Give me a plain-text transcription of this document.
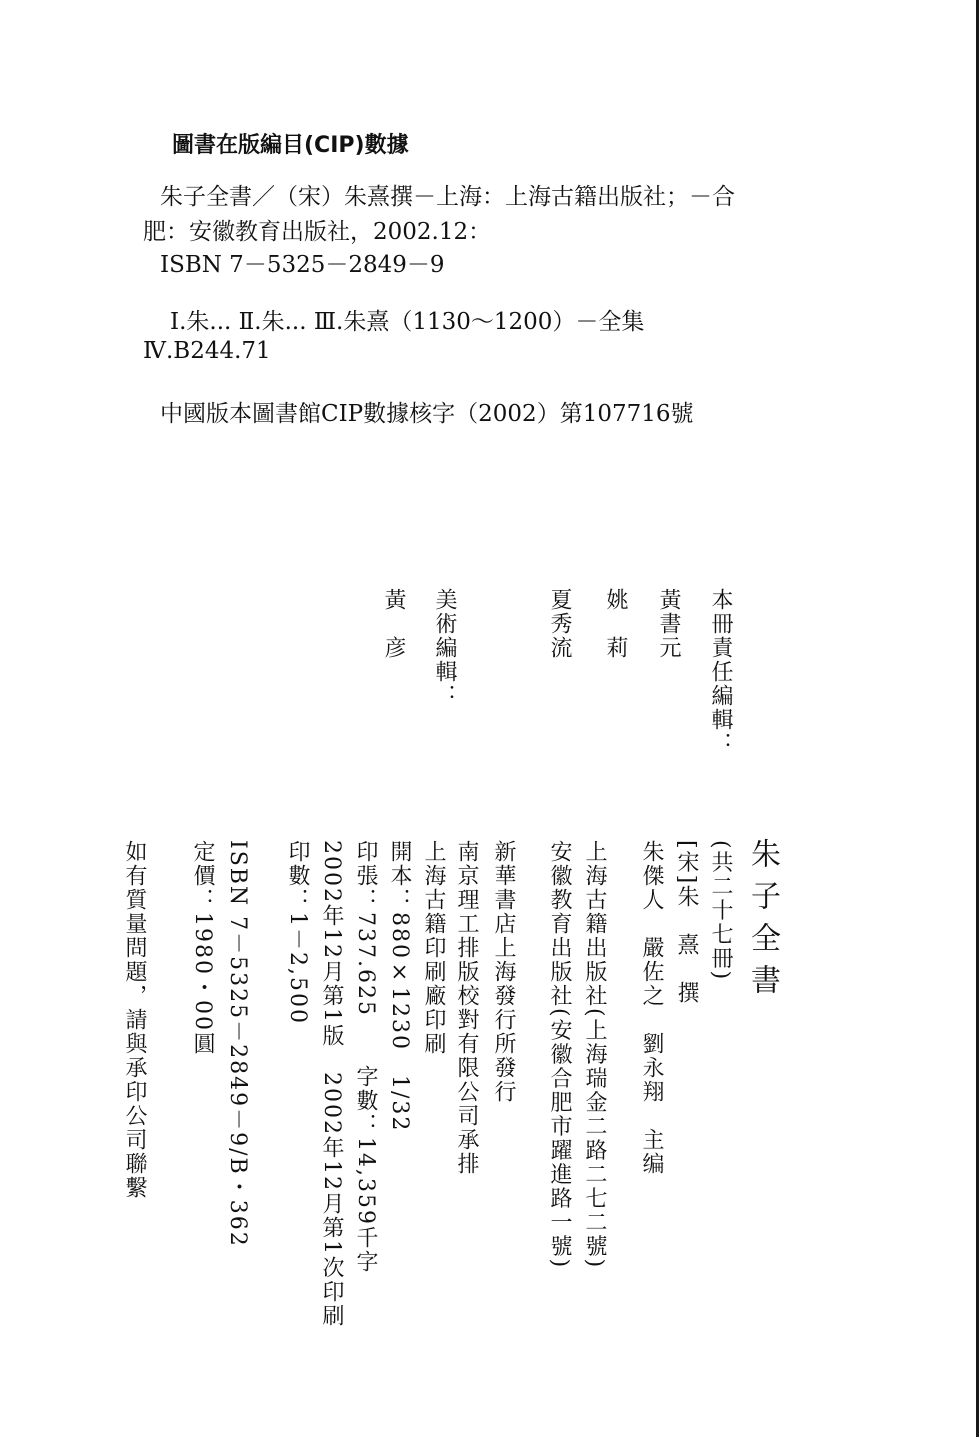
圖書在版編目(CIP)數據
朱子全書／（宋）朱熹撰－上海：上海古籍出版社；－合
肥：安徽教育出版社，2002.12：
ISBN 7－5325－2849－9
Ⅰ.朱... Ⅱ.朱... Ⅲ.朱熹（1130～1200）－全集
Ⅳ.B244.71
中國版本圖書館CIP數據核字（2002）第107716號
本冊責任編輯：
黃書元
姚　莉
夏秀流
美術編輯：
黃　彦
朱子全書
(共二十七冊)
[宋]朱　熹　撰
朱傑人　嚴佐之　劉永翔　主编
上海古籍出版社(上海瑞金二路二七二號)
安徽教育出版社(安徽合肥市躍進路一號)
新華書店上海發行所發行
南京理工排版校對有限公司承排
上海古籍印刷廠印刷
開本：880×1230　1/32
印張：737.625　　字數：14,359千字
2002年12月第1版　2002年12月第1次印刷
印數：1－2,500
ISBN 7－5325－2849－9/B・362
定價：1980・00圓
如有質量問題，請與承印公司聯繫
